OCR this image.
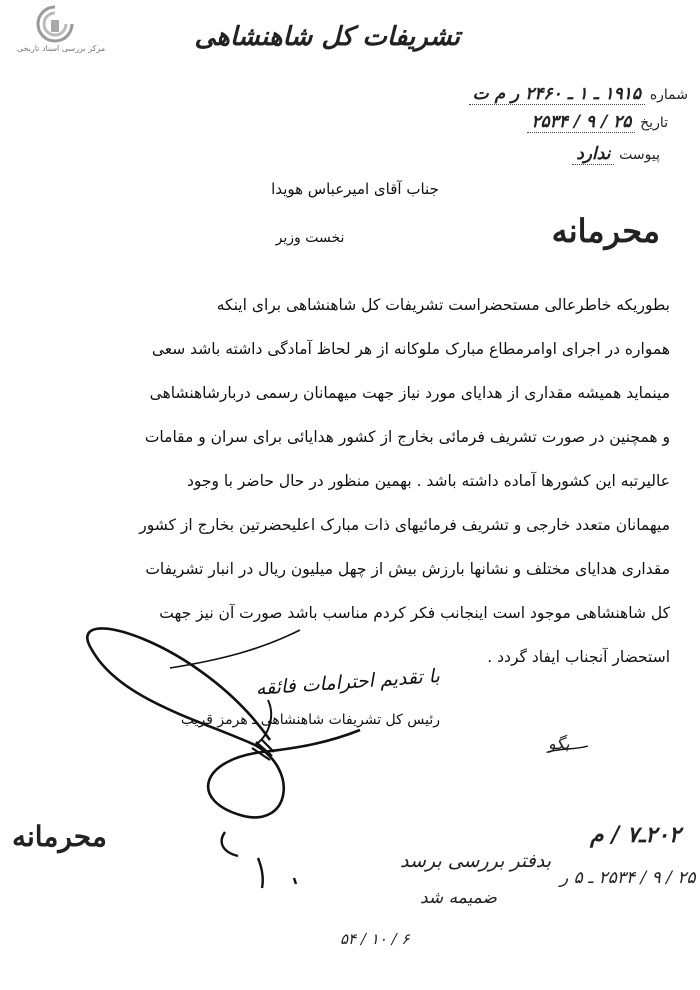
مرکز بررسی اسناد تاریخی	تشریفات کل شاهنشاهی
شماره ۱۹۱۵ ـ ۱ ـ ۲۴۶۰ ر م ت
تاریخ ۲۵ / ۹ / ۲۵۳۴
پیوست ندارد
جناب آقای امیرعباس هویدا
نخست وزیر	محرمانه

بطوریکه خاطرعالی مستحضراست تشریفات کل شاهنشاهی برای اینکه

همواره در اجرای اوامرمطاع مبارک ملوکانه از هر لحاظ آمادگی داشته باشد سعی

مینماید همیشه مقداری از هدایای مورد نیاز جهت میهمانان رسمی دربارشاهنشاهی

و همچنین در صورت تشریف فرمائی بخارج از کشور هدایائی برای سران و مقامات

عالیرتبه این کشورها آماده داشته باشد . بهمین منظور در حال حاضر با وجود

میهمانان متعدد خارجی و تشریف فرمائیهای ذات مبارک اعلیحضرتین بخارج از کشور

مقداری هدایای مختلف و نشانها بارزش بیش از چهل میلیون ریال در انبار تشریفات

کل شاهنشاهی موجود است اینجانب فکر کردم مناسب باشد صورت آن نیز جهت

استحضار آنجناب ایفاد گردد .

با تقدیم احترامات فائقه
رئیس کل تشریفات شاهنشاهی ـ هرمز قریب
بگو
محرمانه	۲۰۲ـ۷ / م
۲۵ / ۹ / ۲۵۳۴ ـ ۵ ر
بدفتر بررسی برسد
ضمیمه شد
۵۴ / ۱۰ / ۶
